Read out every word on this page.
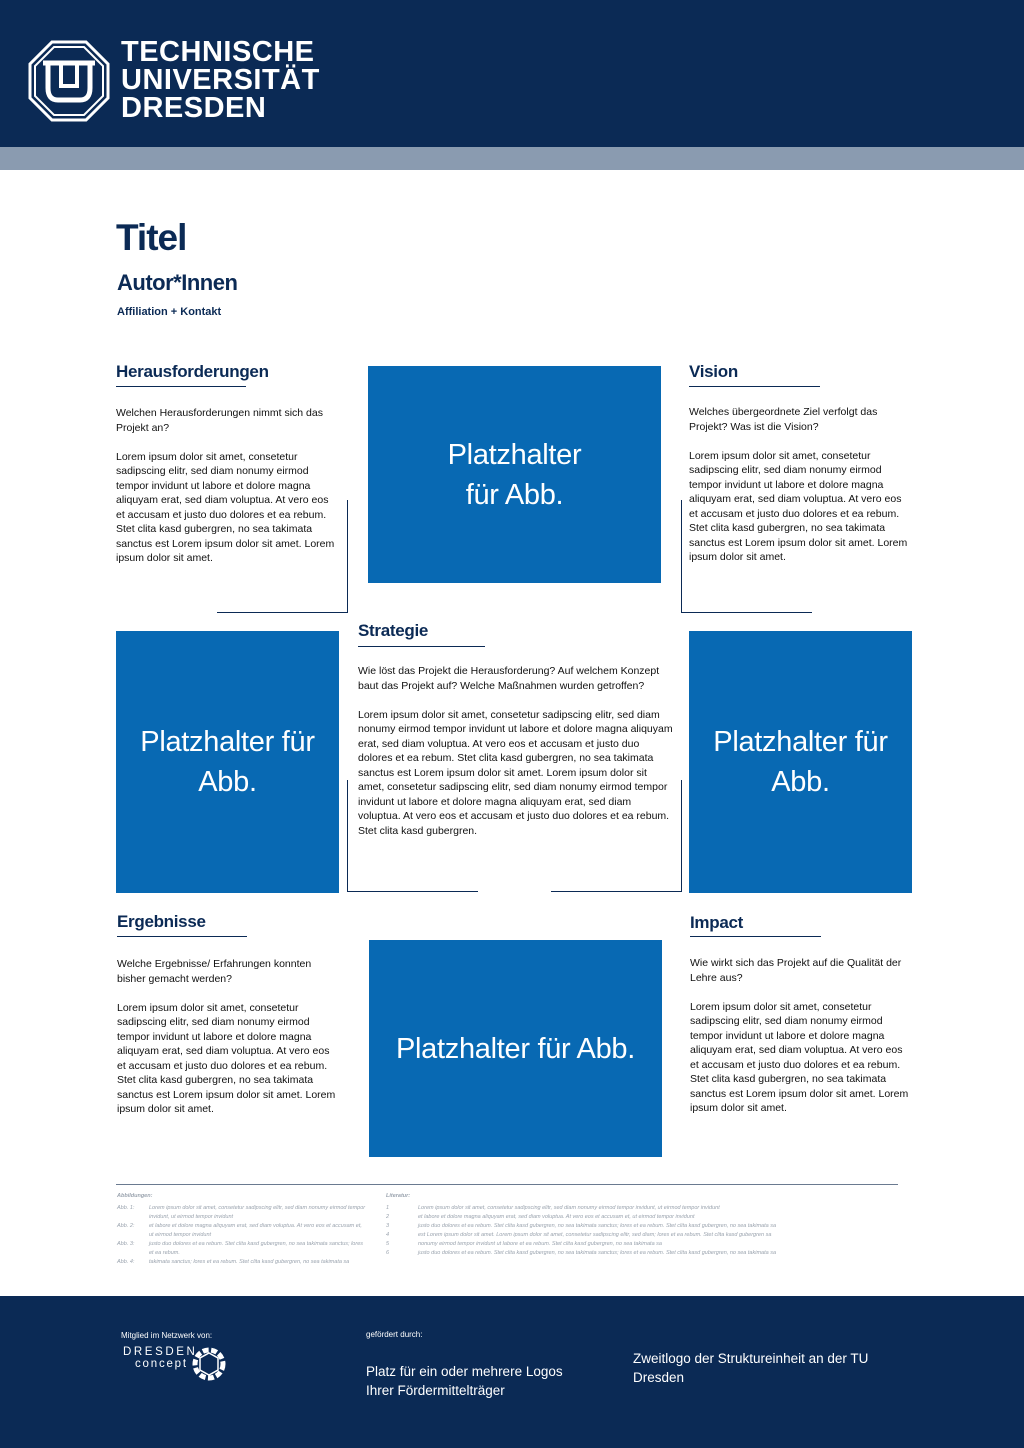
TECHNISCHE
UNIVERSITÄT
DRESDEN
Titel
Autor*Innen
Affiliation + Kontakt
Herausforderungen

Welchen Herausforderungen nimmt sich das Projekt an?

Lorem ipsum dolor sit amet, consetetur sadipscing elitr, sed diam nonumy eirmod tempor invidunt ut labore et dolore magna aliquyam erat, sed diam voluptua. At vero eos et accusam et justo duo dolores et ea rebum. Stet clita kasd gubergren, no sea takimata sanctus est Lorem ipsum dolor sit amet. Lorem ipsum dolor sit amet.

Platzhalter
für Abb.
Vision

Welches übergeordnete Ziel verfolgt das Projekt? Was ist die Vision?

Lorem ipsum dolor sit amet, consetetur sadipscing elitr, sed diam nonumy eirmod tempor invidunt ut labore et dolore magna aliquyam erat, sed diam voluptua. At vero eos et accusam et justo duo dolores et ea rebum. Stet clita kasd gubergren, no sea takimata sanctus est Lorem ipsum dolor sit amet. Lorem ipsum dolor sit amet.

Platzhalter für
Abb.
Strategie

Wie löst das Projekt die Herausforderung? Auf welchem Konzept baut das Projekt auf? Welche Maßnahmen wurden getroffen?

Lorem ipsum dolor sit amet, consetetur sadipscing elitr, sed diam nonumy eirmod tempor invidunt ut labore et dolore magna aliquyam erat, sed diam voluptua. At vero eos et accusam et justo duo dolores et ea rebum. Stet clita kasd gubergren, no sea takimata sanctus est Lorem ipsum dolor sit amet. Lorem ipsum dolor sit amet, consetetur sadipscing elitr, sed diam nonumy eirmod tempor invidunt ut labore et dolore magna aliquyam erat, sed diam voluptua. At vero eos et accusam et justo duo dolores et ea rebum. Stet clita kasd gubergren.

Platzhalter für
Abb.
Ergebnisse

Welche Ergebnisse/ Erfahrungen konnten bisher gemacht werden?

Lorem ipsum dolor sit amet, consetetur sadipscing elitr, sed diam nonumy eirmod tempor invidunt ut labore et dolore magna aliquyam erat, sed diam voluptua. At vero eos et accusam et justo duo dolores et ea rebum. Stet clita kasd gubergren, no sea takimata sanctus est Lorem ipsum dolor sit amet. Lorem ipsum dolor sit amet.

Platzhalter für Abb.
Impact

Wie wirkt sich das Projekt auf die Qualität der Lehre aus?

Lorem ipsum dolor sit amet, consetetur sadipscing elitr, sed diam nonumy eirmod tempor invidunt ut labore et dolore magna aliquyam erat, sed diam voluptua. At vero eos et accusam et justo duo dolores et ea rebum. Stet clita kasd gubergren, no sea takimata sanctus est Lorem ipsum dolor sit amet. Lorem ipsum dolor sit amet.

Abbildungen:
Abb. 1:	Lorem ipsum dolor sit amet, consetetur sadipscing elitr, sed diam nonumy eirmod tempor invidunt, ut eirmod tempor invidunt
Abb. 2:	et labore et dolore magna aliquyam erat, sed diam voluptua. At vero eos et accusam et, ut eirmod tempor invidunt
Abb. 3:	justo duo dolores et ea rebum. Stet clita kasd gubergren, no sea takimata sanctus; lores et ea rebum.
Abb. 4:	takimata sanctus; lores et ea rebum. Stet clita kasd gubergren, no sea takimata sa
Literatur:
1	Lorem ipsum dolor sit amet, consetetur sadipscing elitr, sed diam nonumy eirmod tempor invidunt, ut eirmod tempor invidunt
2	et labore et dolore magna aliquyam erat, sed diam voluptua. At vero eos et accusam et, ut eirmod tempor invidunt
3	justo duo dolores et ea rebum. Stet clita kasd gubergren, no sea takimata sanctus; lores et ea rebum. Stet clita kasd gubergren, no sea takimata sa
4	est Lorem ipsum dolor sit amet. Lorem ipsum dolor sit amet, consetetur sadipscing elitr, sed diam; lores et ea rebum. Stet clita kasd gubergren sa
5	nonumy eirmod tempor invidunt ut labore et ea rebum. Stet clita kasd gubergren, no sea takimata sa
6	justo duo dolores et ea rebum. Stet clita kasd gubergren, no sea takimata sanctus; lores et ea rebum. Stet clita kasd gubergren, no sea takimata sa
Mitglied im Netzwerk von:
DRESDEN
concept
gefördert durch:
Platz für ein oder mehrere Logos Ihrer Fördermittelträger
Zweitlogo der Struktureinheit an der TU Dresden
